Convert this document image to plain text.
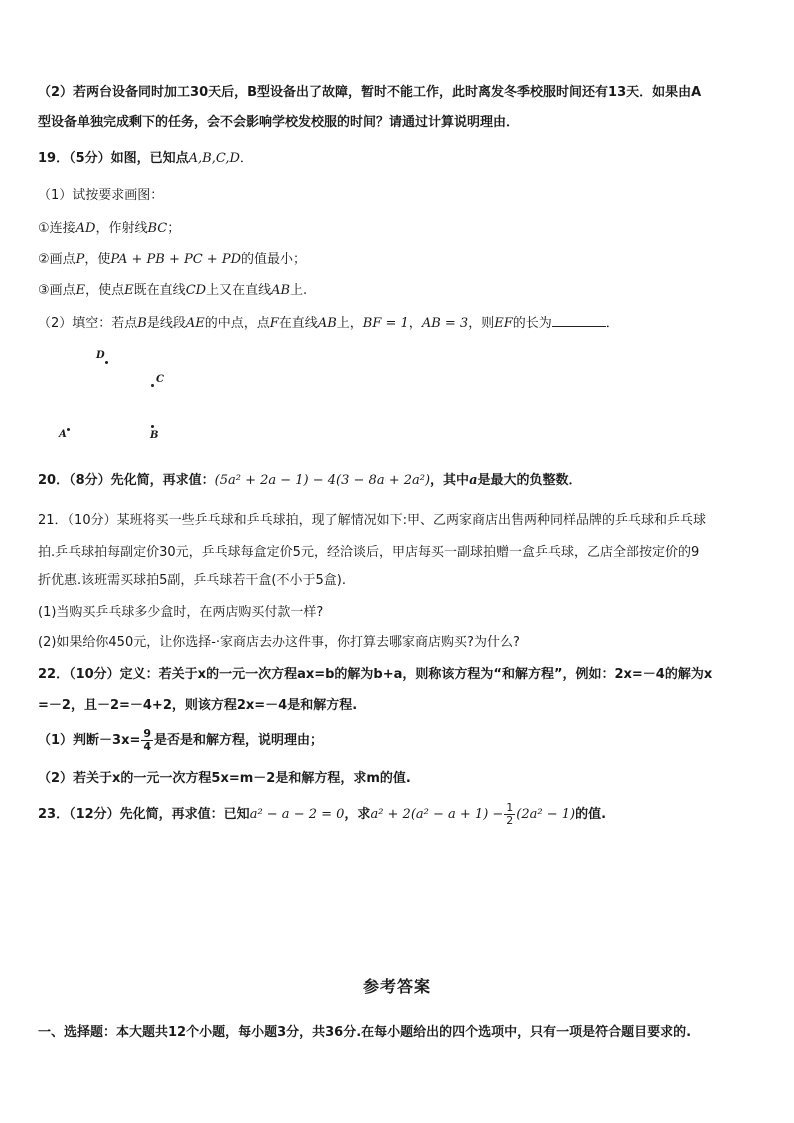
（2）若两台设备同时加工30天后，B型设备出了故障，暂时不能工作，此时离发冬季校服时间还有13天．如果由A
型设备单独完成剩下的任务，会不会影响学校发校服的时间？请通过计算说明理由．
19．（5分）如图，已知点A,B,C,D．
（1）试按要求画图：
①连接AD，作射线BC；
②画点P，使PA + PB + PC + PD的值最小；
③画点E，使点E既在直线CD上又在直线AB上.
（2）填空：若点B是线段AE的中点，点F在直线AB上，BF = 1，AB = 3，则EF的长为	．
D
C
A	B
20．（8分）先化简，再求值：(5a² + 2a − 1) − 4(3 − 8a + 2a²)，其中a是最大的负整数．
21．（10分）某班将买一些乒乓球和乒乓球拍，现了解情况如下:甲、乙两家商店出售两种同样品牌的乒乓球和乒乓球
拍.乒乓球拍每副定价30元，乒乓球每盒定价5元，经洽谈后，甲店每买一副球拍赠一盒乒乓球，乙店全部按定价的9
折优惠.该班需买球拍5副，乒乓球若干盒(不小于5盒).
(1)当购买乒乓球多少盒时，在两店购买付款一样?
(2)如果给你450元，让你选择-·家商店去办这件事，你打算去哪家商店购买?为什么?
22．（10分）定义：若关于x的一元一次方程ax=b的解为b+a，则称该方程为“和解方程”，例如：2x=－4的解为x
=－2，且－2=－4+2，则该方程2x=－4是和解方程.
（1）判断$-3x= \frac{9}{4}$ 是否是和解方程，说明理由；
（2）若关于x的一元一次方程5x=m－2是和解方程，求m的值.
23．（12分）先化简，再求值：已知a² − a − 2 = 0，求$a^2 + 2(a^2 - a + 1) - \frac{1}{2} (2a^2 - 1)$的值.
参考答案
一、选择题：本大题共12个小题，每小题3分，共36分.在每小题给出的四个选项中，只有一项是符合题目要求的.
